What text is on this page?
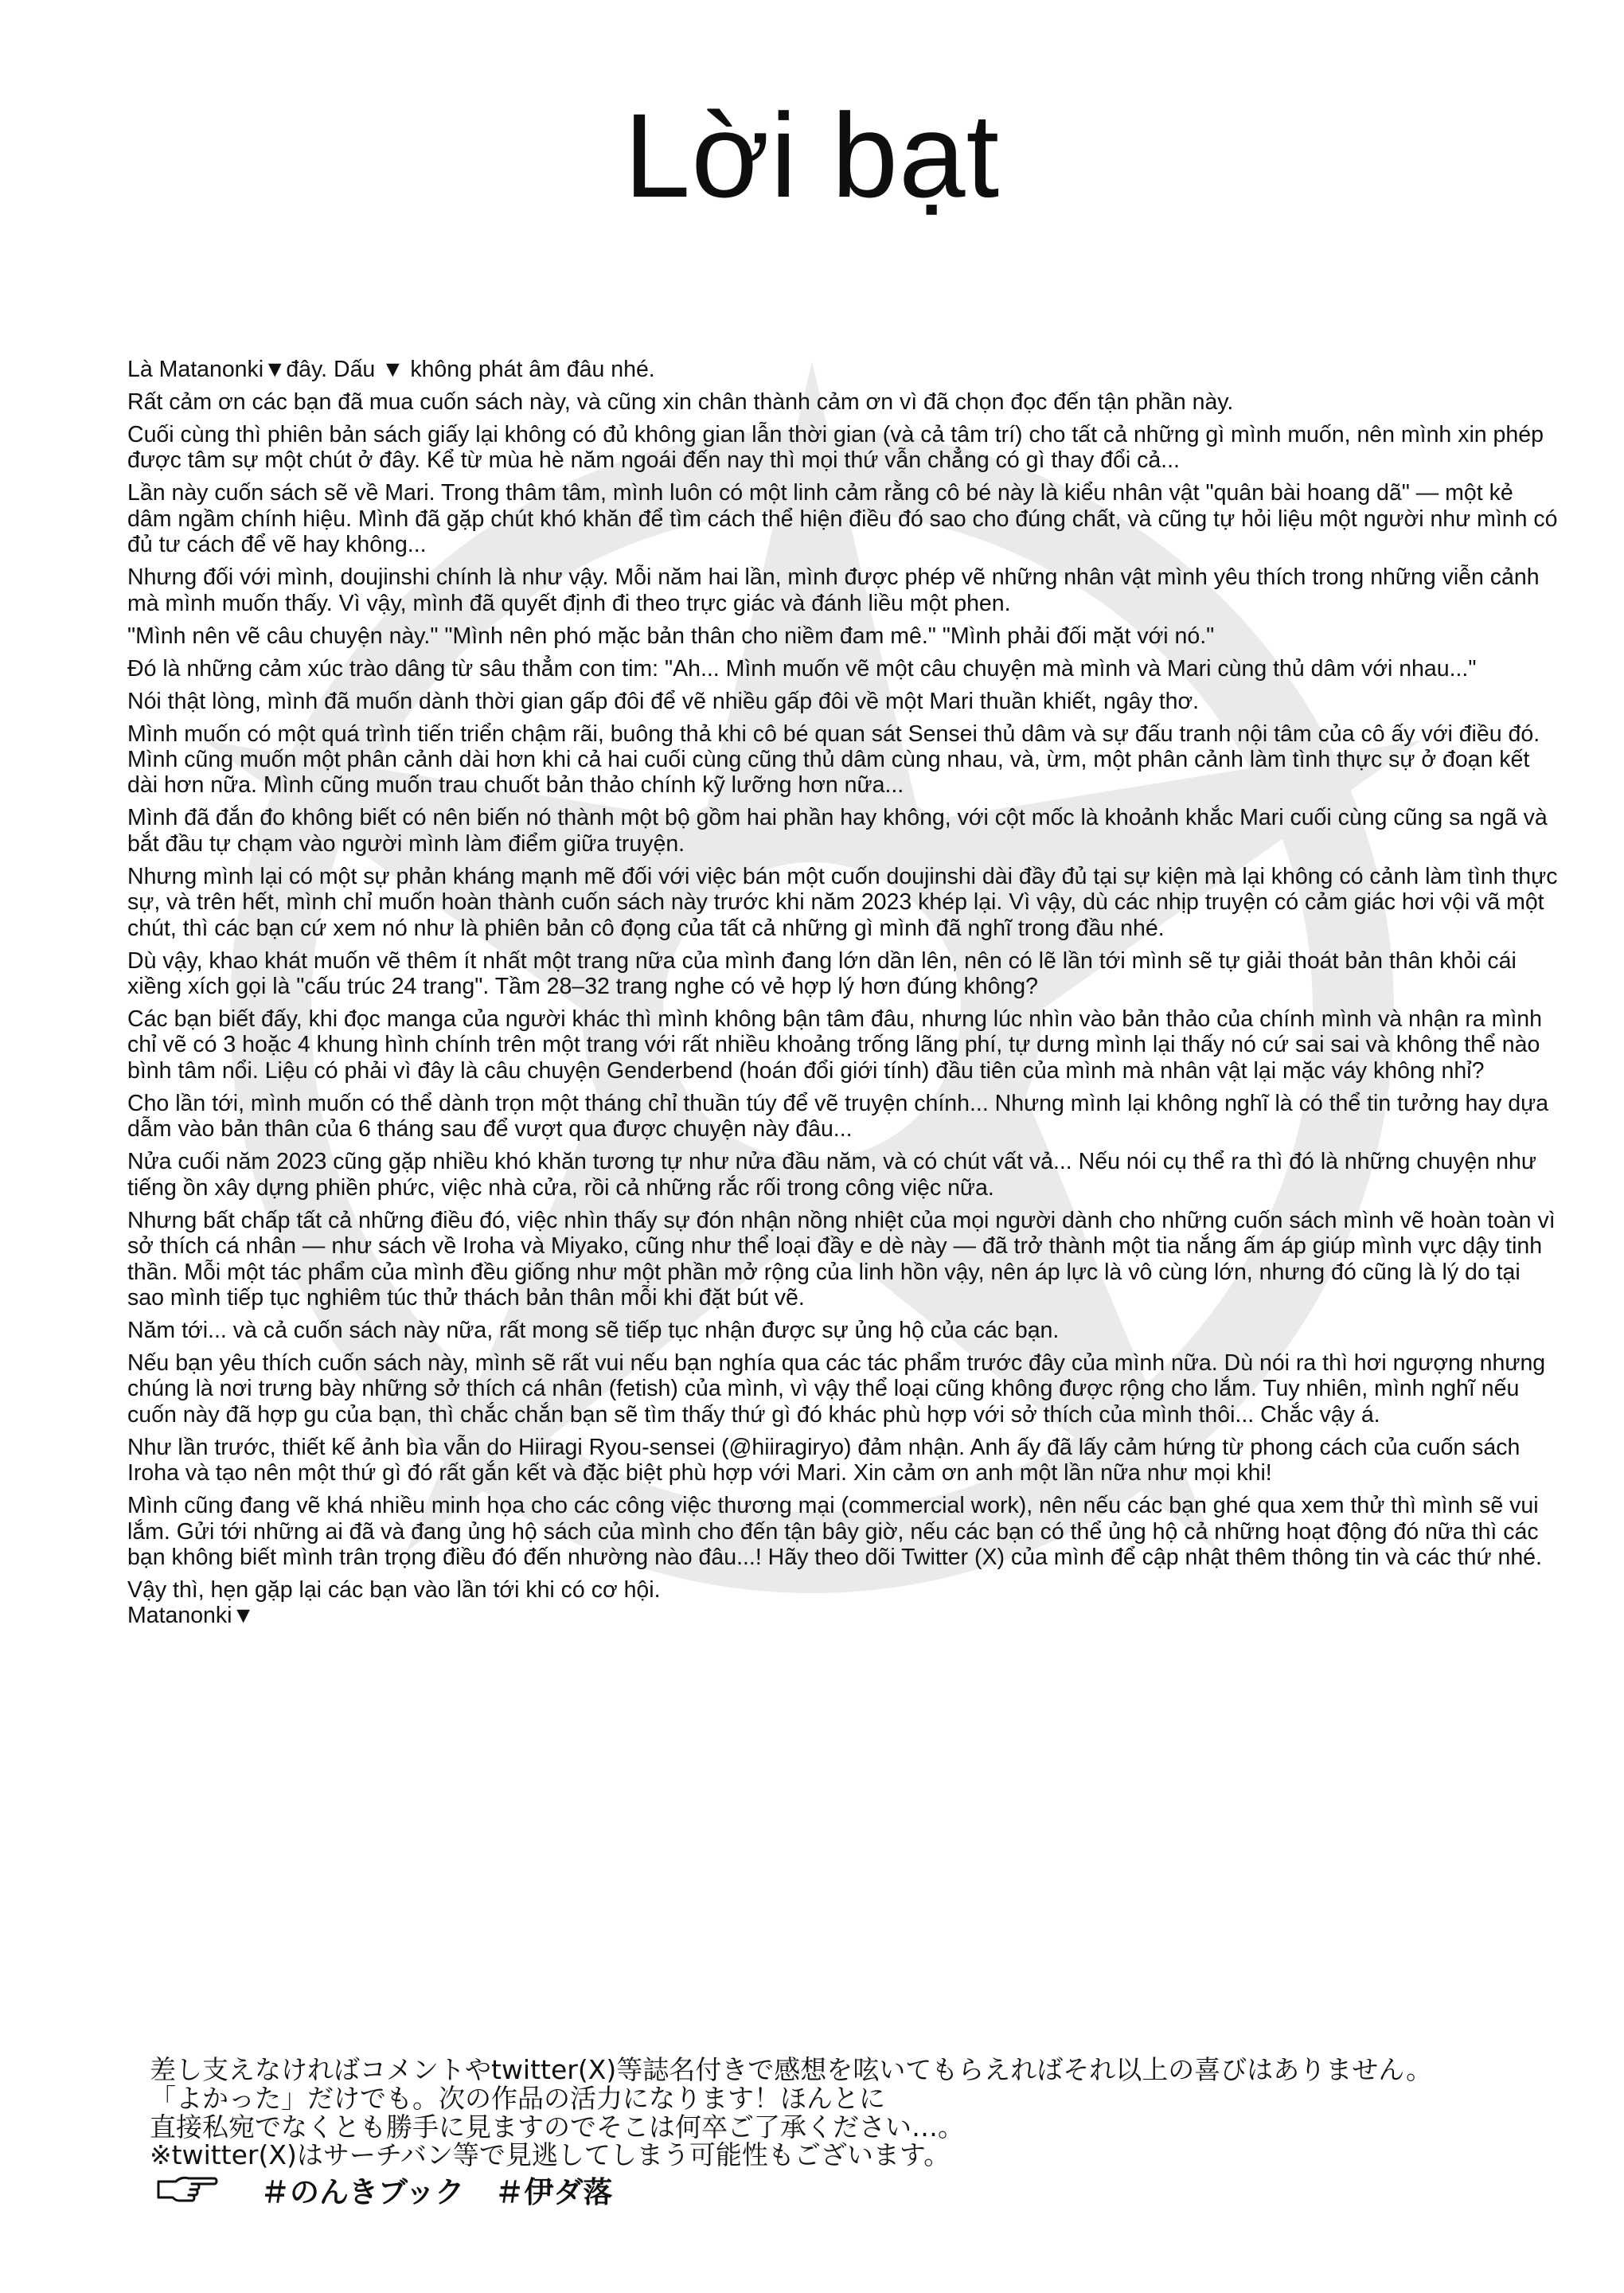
Lời bạt

Là Matanonki▼đây. Dấu ▼ không phát âm đâu nhé.

Rất cảm ơn các bạn đã mua cuốn sách này, và cũng xin chân thành cảm ơn vì đã chọn đọc đến tận phần này.

Cuối cùng thì phiên bản sách giấy lại không có đủ không gian lẫn thời gian (và cả tâm trí) cho tất cả những gì mình muốn, nên mình xin phép được tâm sự một chút ở đây. Kể từ mùa hè năm ngoái đến nay thì mọi thứ vẫn chẳng có gì thay đổi cả...

Lần này cuốn sách sẽ về Mari. Trong thâm tâm, mình luôn có một linh cảm rằng cô bé này là kiểu nhân vật "quân bài hoang dã" — một kẻ dâm ngầm chính hiệu. Mình đã gặp chút khó khăn để tìm cách thể hiện điều đó sao cho đúng chất, và cũng tự hỏi liệu một người như mình có đủ tư cách để vẽ hay không...

Nhưng đối với mình, doujinshi chính là như vậy. Mỗi năm hai lần, mình được phép vẽ những nhân vật mình yêu thích trong những viễn cảnh mà mình muốn thấy. Vì vậy, mình đã quyết định đi theo trực giác và đánh liều một phen.

"Mình nên vẽ câu chuyện này." "Mình nên phó mặc bản thân cho niềm đam mê." "Mình phải đối mặt với nó."

Đó là những cảm xúc trào dâng từ sâu thẳm con tim: "Ah... Mình muốn vẽ một câu chuyện mà mình và Mari cùng thủ dâm với nhau..."

Nói thật lòng, mình đã muốn dành thời gian gấp đôi để vẽ nhiều gấp đôi về một Mari thuần khiết, ngây thơ.

Mình muốn có một quá trình tiến triển chậm rãi, buông thả khi cô bé quan sát Sensei thủ dâm và sự đấu tranh nội tâm của cô ấy với điều đó. Mình cũng muốn một phân cảnh dài hơn khi cả hai cuối cùng cũng thủ dâm cùng nhau, và, ừm, một phân cảnh làm tình thực sự ở đoạn kết dài hơn nữa. Mình cũng muốn trau chuốt bản thảo chính kỹ lưỡng hơn nữa...

Mình đã đắn đo không biết có nên biến nó thành một bộ gồm hai phần hay không, với cột mốc là khoảnh khắc Mari cuối cùng cũng sa ngã và bắt đầu tự chạm vào người mình làm điểm giữa truyện.

Nhưng mình lại có một sự phản kháng mạnh mẽ đối với việc bán một cuốn doujinshi dài đầy đủ tại sự kiện mà lại không có cảnh làm tình thực sự, và trên hết, mình chỉ muốn hoàn thành cuốn sách này trước khi năm 2023 khép lại. Vì vậy, dù các nhịp truyện có cảm giác hơi vội vã một chút, thì các bạn cứ xem nó như là phiên bản cô đọng của tất cả những gì mình đã nghĩ trong đầu nhé.

Dù vậy, khao khát muốn vẽ thêm ít nhất một trang nữa của mình đang lớn dần lên, nên có lẽ lần tới mình sẽ tự giải thoát bản thân khỏi cái xiềng xích gọi là "cấu trúc 24 trang". Tầm 28–32 trang nghe có vẻ hợp lý hơn đúng không?

Các bạn biết đấy, khi đọc manga của người khác thì mình không bận tâm đâu, nhưng lúc nhìn vào bản thảo của chính mình và nhận ra mình chỉ vẽ có 3 hoặc 4 khung hình chính trên một trang với rất nhiều khoảng trống lãng phí, tự dưng mình lại thấy nó cứ sai sai và không thể nào bình tâm nổi. Liệu có phải vì đây là câu chuyện Genderbend (hoán đổi giới tính) đầu tiên của mình mà nhân vật lại mặc váy không nhỉ?

Cho lần tới, mình muốn có thể dành trọn một tháng chỉ thuần túy để vẽ truyện chính... Nhưng mình lại không nghĩ là có thể tin tưởng hay dựa dẫm vào bản thân của 6 tháng sau để vượt qua được chuyện này đâu...

Nửa cuối năm 2023 cũng gặp nhiều khó khăn tương tự như nửa đầu năm, và có chút vất vả... Nếu nói cụ thể ra thì đó là những chuyện như tiếng ồn xây dựng phiền phức, việc nhà cửa, rồi cả những rắc rối trong công việc nữa.

Nhưng bất chấp tất cả những điều đó, việc nhìn thấy sự đón nhận nồng nhiệt của mọi người dành cho những cuốn sách mình vẽ hoàn toàn vì sở thích cá nhân — như sách về Iroha và Miyako, cũng như thể loại đầy e dè này — đã trở thành một tia nắng ấm áp giúp mình vực dậy tinh thần. Mỗi một tác phẩm của mình đều giống như một phần mở rộng của linh hồn vậy, nên áp lực là vô cùng lớn, nhưng đó cũng là lý do tại sao mình tiếp tục nghiêm túc thử thách bản thân mỗi khi đặt bút vẽ.

Năm tới... và cả cuốn sách này nữa, rất mong sẽ tiếp tục nhận được sự ủng hộ của các bạn.

Nếu bạn yêu thích cuốn sách này, mình sẽ rất vui nếu bạn nghía qua các tác phẩm trước đây của mình nữa. Dù nói ra thì hơi ngượng nhưng chúng là nơi trưng bày những sở thích cá nhân (fetish) của mình, vì vậy thể loại cũng không được rộng cho lắm. Tuy nhiên, mình nghĩ nếu cuốn này đã hợp gu của bạn, thì chắc chắn bạn sẽ tìm thấy thứ gì đó khác phù hợp với sở thích của mình thôi... Chắc vậy á.

Như lần trước, thiết kế ảnh bìa vẫn do Hiiragi Ryou-sensei (@hiiragiryo) đảm nhận. Anh ấy đã lấy cảm hứng từ phong cách của cuốn sách Iroha và tạo nên một thứ gì đó rất gắn kết và đặc biệt phù hợp với Mari. Xin cảm ơn anh một lần nữa như mọi khi!

Mình cũng đang vẽ khá nhiều minh họa cho các công việc thương mại (commercial work), nên nếu các bạn ghé qua xem thử thì mình sẽ vui lắm. Gửi tới những ai đã và đang ủng hộ sách của mình cho đến tận bây giờ, nếu các bạn có thể ủng hộ cả những hoạt động đó nữa thì các bạn không biết mình trân trọng điều đó đến nhường nào đâu...! Hãy theo dõi Twitter (X) của mình để cập nhật thêm thông tin và các thứ nhé.

Vậy thì, hẹn gặp lại các bạn vào lần tới khi có cơ hội.

Matanonki▼

差し支えなければコメントやtwitter(X)等誌名付きで感想を呟いてもらえればそれ以上の喜びはありません。

「よかった」だけでも。次の作品の活力になります！ほんとに

直接私宛でなくとも勝手に見ますのでそこは何卒ご了承ください…。

※twitter(X)はサーチバン等で見逃してしまう可能性もございます。

＃のんきブック ＃伊ダ落
